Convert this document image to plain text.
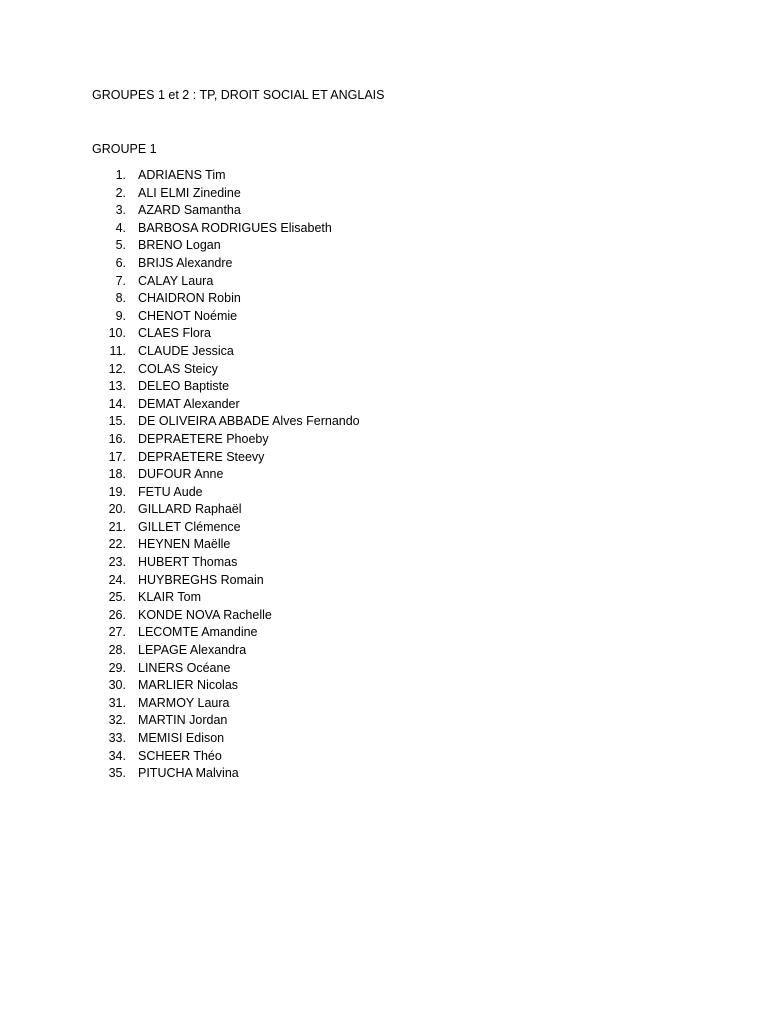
GROUPES 1 et 2 : TP, DROIT SOCIAL ET ANGLAIS
GROUPE 1
1. ADRIAENS Tim
2. ALI ELMI Zinedine
3. AZARD Samantha
4. BARBOSA RODRIGUES Elisabeth
5. BRENO Logan
6. BRIJS Alexandre
7. CALAY Laura
8. CHAIDRON Robin
9. CHENOT Noémie
10. CLAES Flora
11. CLAUDE Jessica
12. COLAS Steicy
13. DELEO Baptiste
14. DEMAT Alexander
15. DE OLIVEIRA ABBADE Alves Fernando
16. DEPRAETERE Phoeby
17. DEPRAETERE Steevy
18. DUFOUR Anne
19. FETU Aude
20. GILLARD Raphaël
21. GILLET Clémence
22. HEYNEN Maëlle
23. HUBERT Thomas
24. HUYBREGHS Romain
25. KLAIR Tom
26. KONDE NOVA Rachelle
27. LECOMTE Amandine
28. LEPAGE Alexandra
29. LINERS Océane
30. MARLIER Nicolas
31. MARMOY Laura
32. MARTIN Jordan
33. MEMISI Edison
34. SCHEER Théo
35. PITUCHA Malvina
